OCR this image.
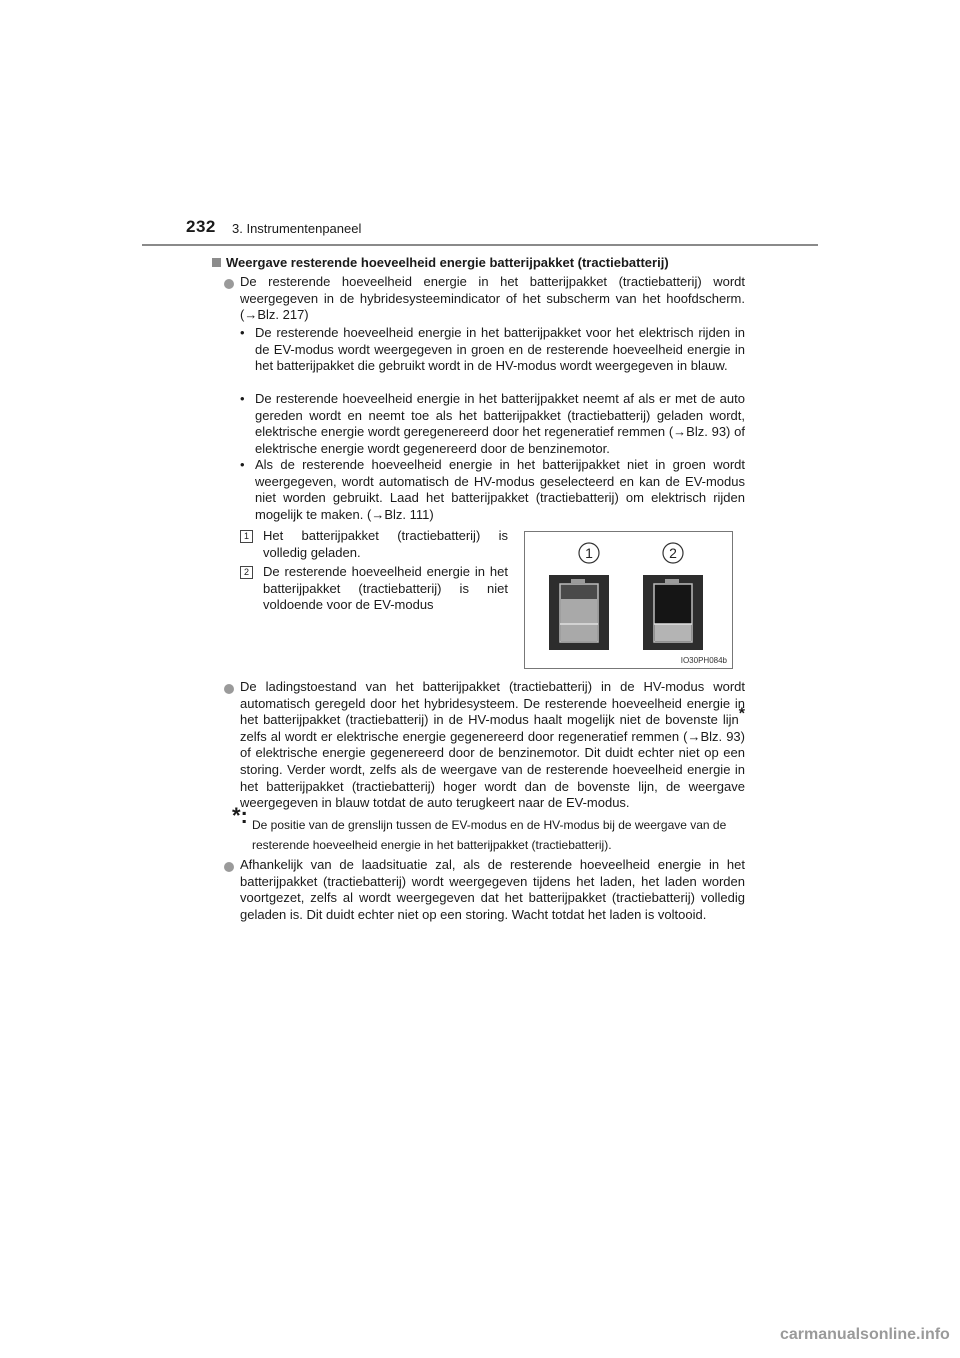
232 3. Instrumentenpaneel
Weergave resterende hoeveelheid energie batterijpakket (tractiebatterij)
De resterende hoeveelheid energie in het batterijpakket (tractiebatterij) wordt weergegeven in de hybridesysteemindicator of het subscherm van het hoofdscherm. (→Blz. 217)
• De resterende hoeveelheid energie in het batterijpakket voor het elektrisch rijden in de EV-modus wordt weergegeven in groen en de resterende hoeveelheid energie in het batterijpakket die gebruikt wordt in de HV-modus wordt weergegeven in blauw.
• De resterende hoeveelheid energie in het batterijpakket neemt af als er met de auto gereden wordt en neemt toe als het batterijpakket (tractiebatterij) geladen wordt, elektrische energie wordt geregenereerd door het regeneratief remmen (→Blz. 93) of elektrische energie wordt gegenereerd door de benzinemotor.
• Als de resterende hoeveelheid energie in het batterijpakket niet in groen wordt weergegeven, wordt automatisch de HV-modus geselecteerd en kan de EV-modus niet worden gebruikt. Laad het batterijpakket (tractiebatterij) om elektrisch rijden mogelijk te maken. (→Blz. 111)
1	Het batterijpakket (tractiebatterij) is volledig geladen.
2	De resterende hoeveelheid energie in het batterijpakket (tractiebatterij) is niet voldoende voor de EV-modus
1	2
IO30PH084b
De ladingstoestand van het batterijpakket (tractiebatterij) in de HV-modus wordt automatisch geregeld door het hybridesysteem. De resterende hoeveelheid energie in het batterijpakket (tractiebatterij) in de HV-modus haalt mogelijk niet de bovenste lijn* zelfs al wordt er elektrische energie gegenereerd door regeneratief remmen (→Blz. 93) of elektrische energie gegenereerd door de benzinemotor. Dit duidt echter niet op een storing. Verder wordt, zelfs als de weergave van de resterende hoeveelheid energie in het batterijpakket (tractiebatterij) hoger wordt dan de bovenste lijn, de weergave weergegeven in blauw totdat de auto terugkeert naar de EV-modus.
*: De positie van de grenslijn tussen de EV-modus en de HV-modus bij de weergave van de resterende hoeveelheid energie in het batterijpakket (tractiebatterij).
Afhankelijk van de laadsituatie zal, als de resterende hoeveelheid energie in het batterijpakket (tractiebatterij) wordt weergegeven tijdens het laden, het laden worden voortgezet, zelfs al wordt weergegeven dat het batterijpakket (tractiebatterij) volledig geladen is. Dit duidt echter niet op een storing. Wacht totdat het laden is voltooid.
carmanualsonline.info
